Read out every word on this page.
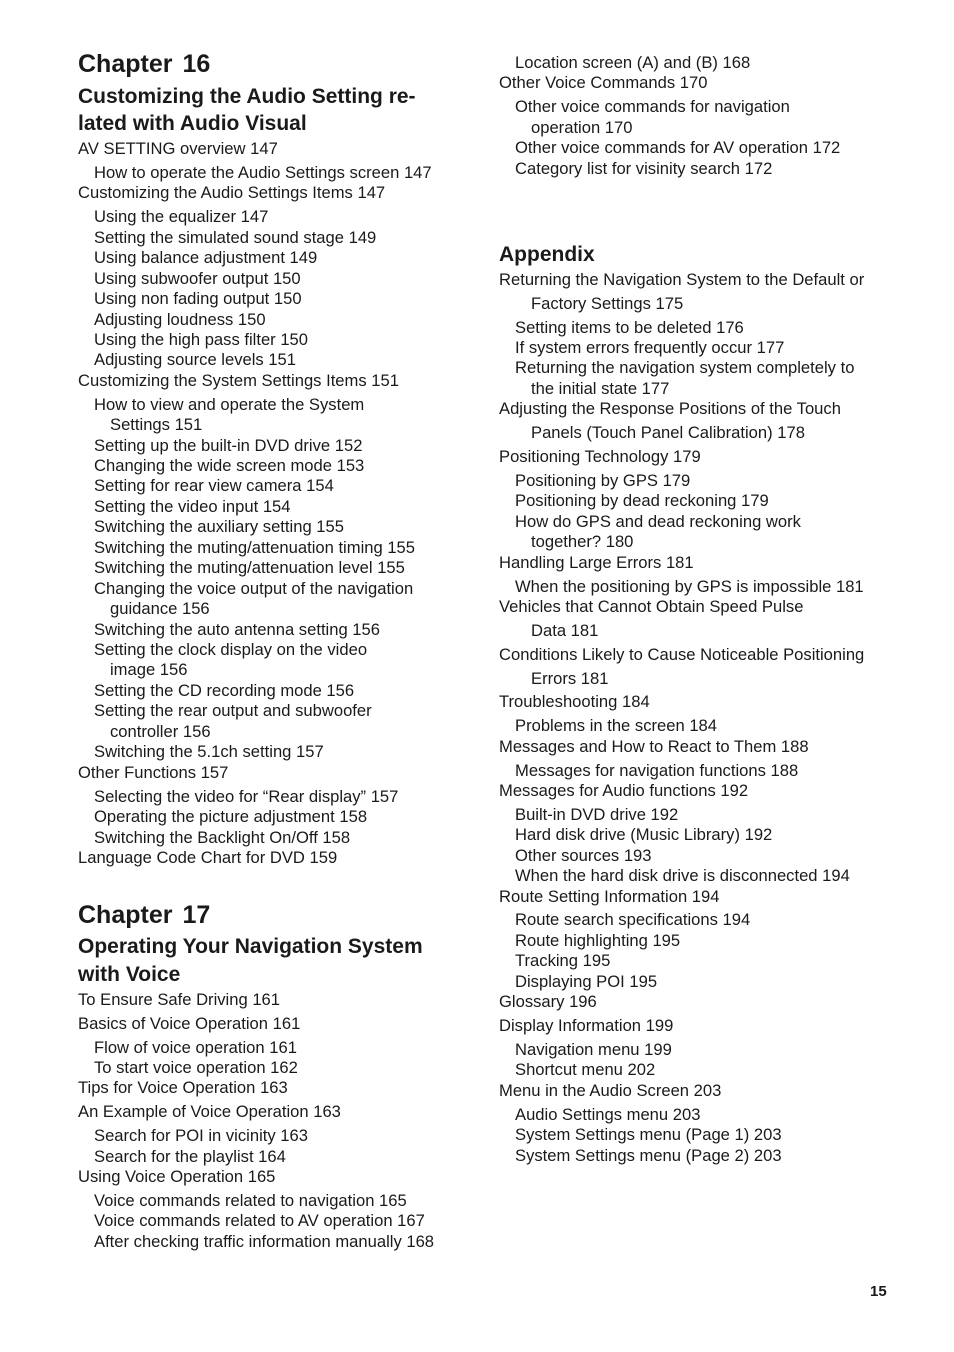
Chapter 16
Customizing the Audio Setting re-
lated with Audio Visual
AV SETTING overview 147
How to operate the Audio Settings screen 147
Customizing the Audio Settings Items 147
Using the equalizer 147
Setting the simulated sound stage 149
Using balance adjustment 149
Using subwoofer output 150
Using non fading output 150
Adjusting loudness 150
Using the high pass filter 150
Adjusting source levels 151
Customizing the System Settings Items 151
How to view and operate the System
Settings 151
Setting up the built-in DVD drive 152
Changing the wide screen mode 153
Setting for rear view camera 154
Setting the video input 154
Switching the auxiliary setting 155
Switching the muting/attenuation timing 155
Switching the muting/attenuation level 155
Changing the voice output of the navigation
guidance 156
Switching the auto antenna setting 156
Setting the clock display on the video
image 156
Setting the CD recording mode 156
Setting the rear output and subwoofer
controller 156
Switching the 5.1ch setting 157
Other Functions 157
Selecting the video for “Rear display” 157
Operating the picture adjustment 158
Switching the Backlight On/Off 158
Language Code Chart for DVD 159
Chapter 17
Operating Your Navigation System
with Voice
To Ensure Safe Driving 161
Basics of Voice Operation 161
Flow of voice operation 161
To start voice operation 162
Tips for Voice Operation 163
An Example of Voice Operation 163
Search for POI in vicinity 163
Search for the playlist 164
Using Voice Operation 165
Voice commands related to navigation 165
Voice commands related to AV operation 167
After checking traffic information manually 168
Location screen (A) and (B) 168
Other Voice Commands 170
Other voice commands for navigation
operation 170
Other voice commands for AV operation 172
Category list for visinity search 172
Appendix
Returning the Navigation System to the Default or
Factory Settings 175
Setting items to be deleted 176
If system errors frequently occur 177
Returning the navigation system completely to
the initial state 177
Adjusting the Response Positions of the Touch
Panels (Touch Panel Calibration) 178
Positioning Technology 179
Positioning by GPS 179
Positioning by dead reckoning 179
How do GPS and dead reckoning work
together? 180
Handling Large Errors 181
When the positioning by GPS is impossible 181
Vehicles that Cannot Obtain Speed Pulse
Data 181
Conditions Likely to Cause Noticeable Positioning
Errors 181
Troubleshooting 184
Problems in the screen 184
Messages and How to React to Them 188
Messages for navigation functions 188
Messages for Audio functions 192
Built-in DVD drive 192
Hard disk drive (Music Library) 192
Other sources 193
When the hard disk drive is disconnected 194
Route Setting Information 194
Route search specifications 194
Route highlighting 195
Tracking 195
Displaying POI 195
Glossary 196
Display Information 199
Navigation menu 199
Shortcut menu 202
Menu in the Audio Screen 203
Audio Settings menu 203
System Settings menu (Page 1) 203
System Settings menu (Page 2) 203
15
